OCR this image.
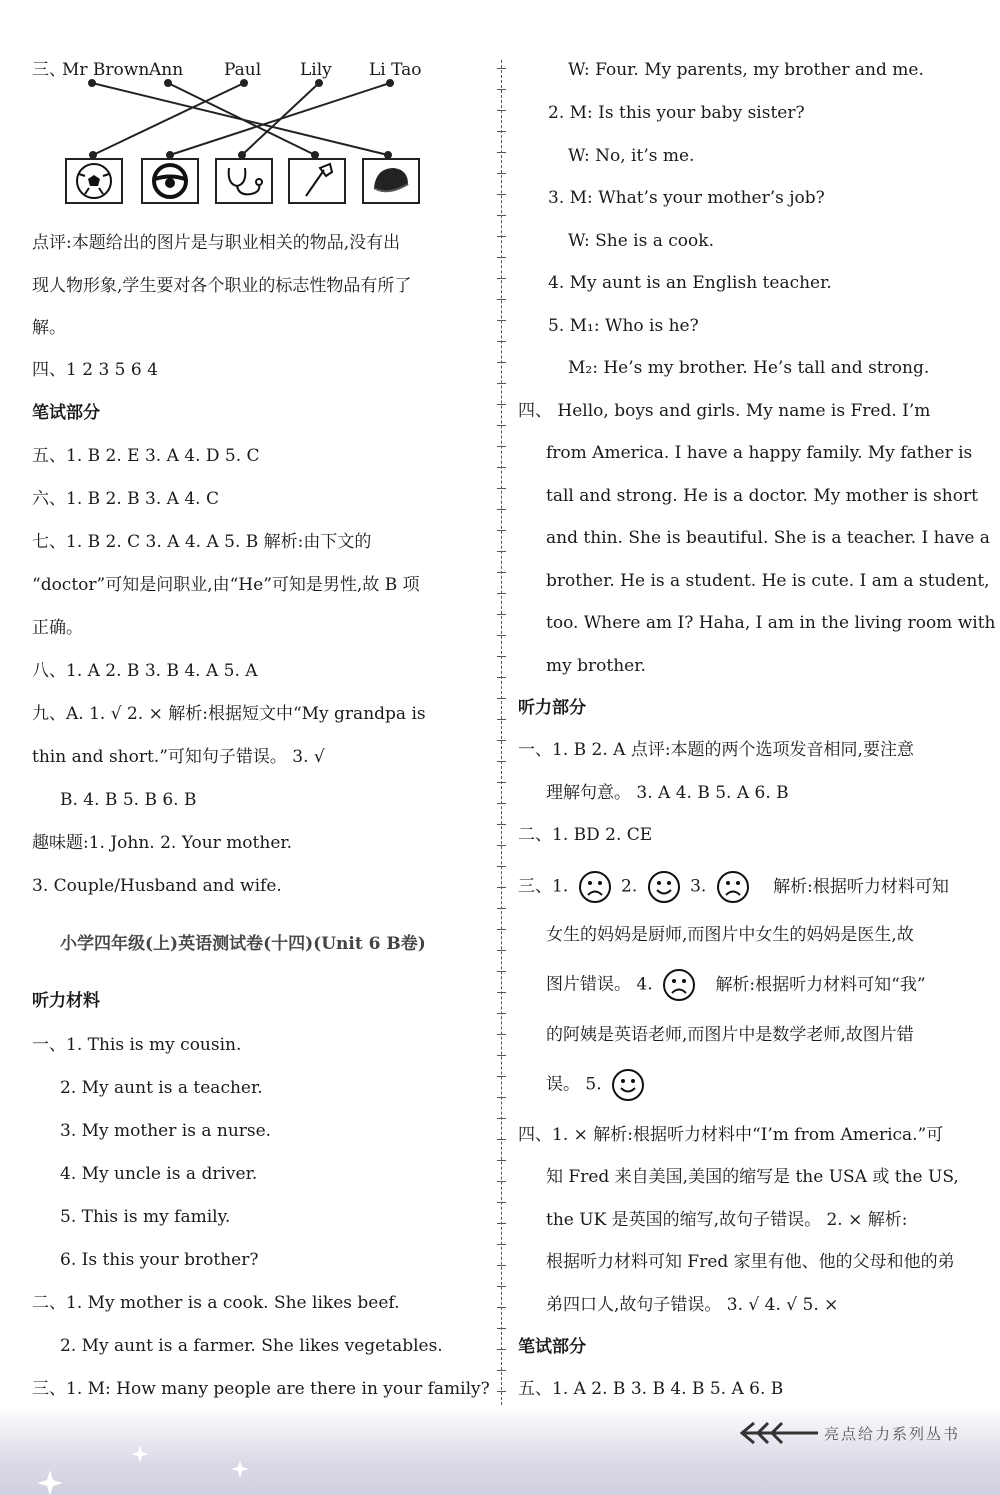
三、
Mr Brown Ann Paul Lily Li Tao
点评:本题给出的图片是与职业相关的物品,没有出
现人物形象,学生要对各个职业的标志性物品有所了
解。
四、1 2 3 5 6 4
笔试部分
五、1. B 2. E 3. A 4. D 5. C
六、1. B 2. B 3. A 4. C
七、1. B 2. C 3. A 4. A 5. B 解析:由下文的
“doctor”可知是问职业,由“He”可知是男性,故 B 项
正确。
八、1. A 2. B 3. B 4. A 5. A
九、A. 1. √ 2. × 解析:根据短文中“My grandpa is
thin and short.”可知句子错误。 3. √
B. 4. B 5. B 6. B
趣味题:1. John. 2. Your mother.
3. Couple/Husband and wife.
小学四年级(上)英语测试卷(十四)(Unit 6 B卷)
听力材料
一、1. This is my cousin.
2. My aunt is a teacher.
3. My mother is a nurse.
4. My uncle is a driver.
5. This is my family.
6. Is this your brother?
二、1. My mother is a cook. She likes beef.
2. My aunt is a farmer. She likes vegetables.
三、1. M: How many people are there in your family?
W: Four. My parents, my brother and me.
2. M: Is this your baby sister?
W: No, it’s me.
3. M: What’s your mother’s job?
W: She is a cook.
4. My aunt is an English teacher.
5. M₁: Who is he?
M₂: He’s my brother. He’s tall and strong.
四、 Hello, boys and girls. My name is Fred. I’m
from America. I have a happy family. My father is
tall and strong. He is a doctor. My mother is short
and thin. She is beautiful. She is a teacher. I have a
brother. He is a student. He is cute. I am a student,
too. Where am I? Haha, I am in the living room with
my brother.
听力部分
一、1. B 2. A 点评:本题的两个选项发音相同,要注意
理解句意。 3. A 4. B 5. A 6. B
二、1. BD 2. CE
三、1.	2.	3.	解析:根据听力材料可知
女生的妈妈是厨师,而图片中女生的妈妈是医生,故
图片错误。 4.	解析:根据听力材料可知“我”
的阿姨是英语老师,而图片中是数学老师,故图片错
误。 5.
四、1. × 解析:根据听力材料中“I’m from America.”可
知 Fred 来自美国,美国的缩写是 the USA 或 the US,
the UK 是英国的缩写,故句子错误。 2. × 解析:
根据听力材料可知 Fred 家里有他、他的父母和他的弟
弟四口人,故句子错误。 3. √ 4. √ 5. ×
笔试部分
五、1. A 2. B 3. B 4. B 5. A 6. B
亮点给力系列丛书
